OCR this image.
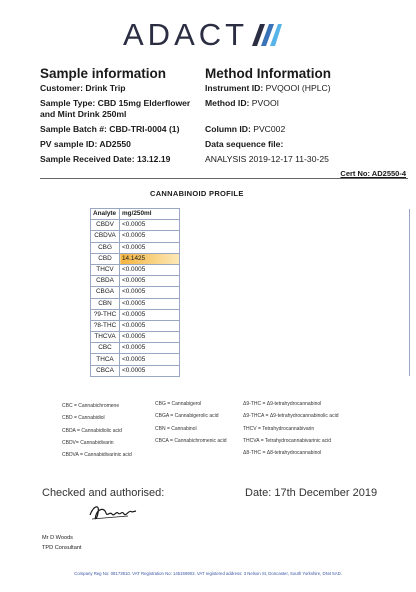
ADACT
Sample information	Method Information
Customer: Drink Trip
Sample Type: CBD 15mg Elderflower and Mint Drink 250ml
Sample Batch #: CBD-TRI-0004 (1)
PV sample ID: AD2550
Sample Received Date: 13.12.19
Instrument ID: PVQOOI (HPLC)
Method ID: PVOOI
Column ID: PVC002
Data sequence file:
ANALYSIS 2019-12-17 11-30-25
Cert No: AD2550-4
CANNABINOID PROFILE
Analyte	mg/250ml	
CBDV	<0.0005	
CBDVA	<0.0005	
CBG	<0.0005	
CBD	14.1425	
THCV	<0.0005	
CBDA	<0.0005	
CBGA	<0.0005	
CBN	<0.0005	
?9-THC	<0.0005	
?8-THC	<0.0005	
THCVA	<0.0005	
CBC	<0.0005	
THCA	<0.0005	
CBCA	<0.0005	
CBC = Cannabichromene
CBD = Cannabidiol
CBDA = Cannabidiolic acid
CBDV= Cannabidivarin
CBDVA = Cannabidivarinic acid
CBG = Cannabigerol
CBGA = Cannabigerolic acid
CBN = Cannabinol
CBCA = Cannabichromenic acid
Δ9-THC = Δ9-tetrahydrocannabinol
Δ9-THCA = Δ9-tetrahydrocannabinolic acid
THCV = Tetrahydrocannabivarin
THCVA = Tetrahydrocannabivarinic acid
Δ8-THC = Δ8-tetrahydrocannabinol
Checked and authorised:	Date: 17th December 2019
Mr D Woods
TPD Consultant
Company Reg No: 08173910. VAT Registration No: 145159903. VAT registered address: 3 Nelson St, Doncaster, South Yorkshire, DN4 5AD.
